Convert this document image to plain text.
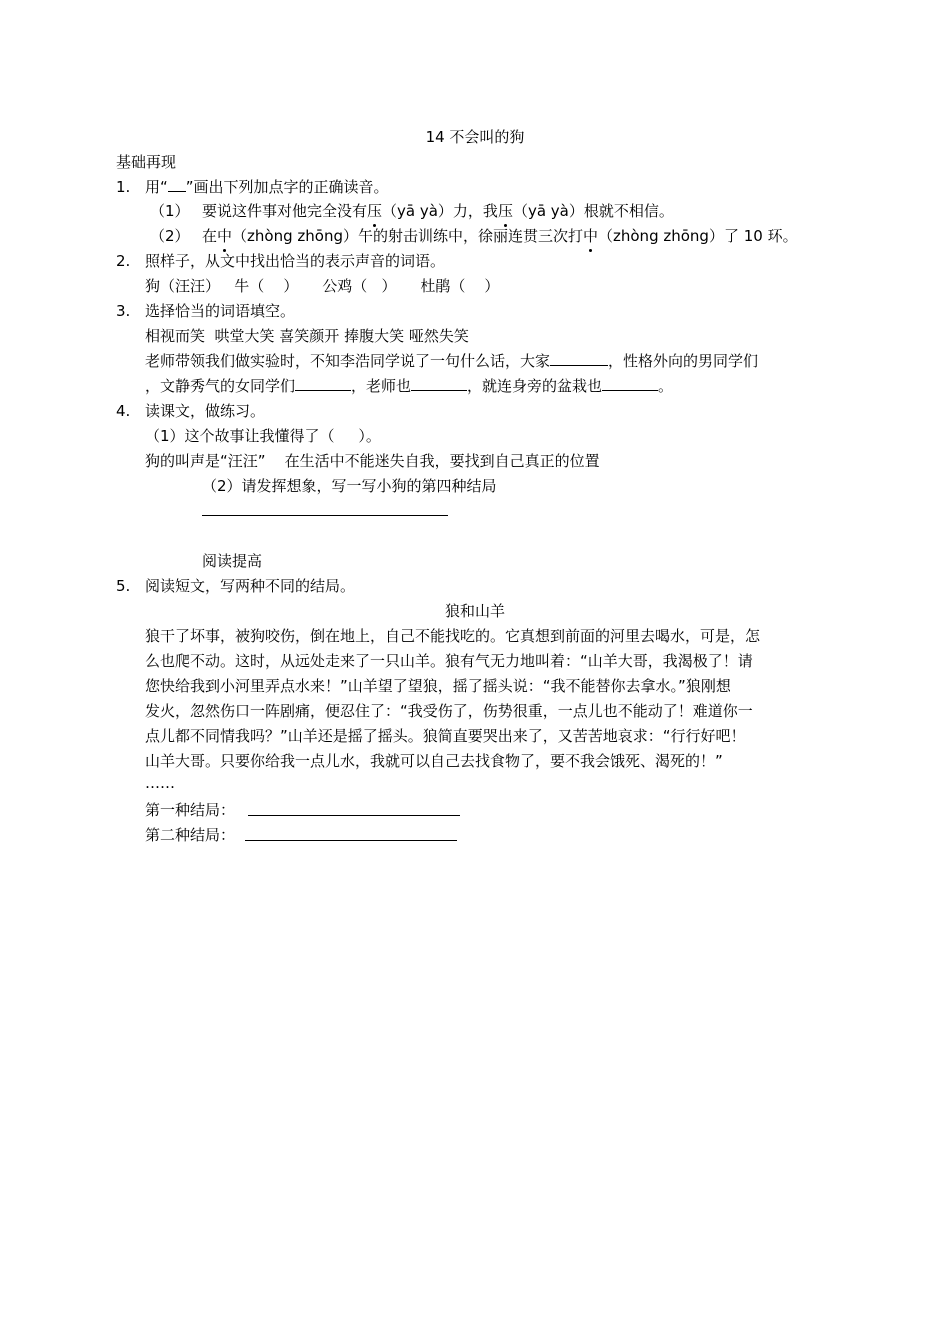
14 不会叫的狗
基础再现
1. 用“ ”画出下列加点字的正确读音。
（1） 要说这件事对他完全没有压（yā yà）力，我压（yā yà）根就不相信。
（2） 在中（zhòng zhōng）午的射击训练中，徐丽连贯三次打中（zhòng zhōng）了 10 环。
2. 照样子，从文中找出恰当的表示声音的词语。
狗（汪汪）   牛（    ）     公鸡（   ）     杜鹃（    ）
3. 选择恰当的词语填空。
相视而笑  哄堂大笑 喜笑颜开 捧腹大笑 哑然失笑
老师带领我们做实验时，不知李浩同学说了一句什么话，大家	，性格外向的男同学们
，文静秀气的女同学们	，老师也	，就连身旁的盆栽也	。
4. 读课文，做练习。
（1）这个故事让我懂得了（     ）。
狗的叫声是“汪汪”    在生活中不能迷失自我，要找到自己真正的位置
（2）请发挥想象，写一写小狗的第四种结局
阅读提高
5. 阅读短文，写两种不同的结局。
狼和山羊
狼干了坏事，被狗咬伤，倒在地上，自己不能找吃的。它真想到前面的河里去喝水，可是，怎
么也爬不动。这时，从远处走来了一只山羊。狼有气无力地叫着：“山羊大哥，我渴极了！请
您快给我到小河里弄点水来！”山羊望了望狼，摇了摇头说：“我不能替你去拿水。”狼刚想
发火，忽然伤口一阵剧痛，便忍住了：“我受伤了，伤势很重，一点儿也不能动了！难道你一
点儿都不同情我吗？”山羊还是摇了摇头。狼简直要哭出来了，又苦苦地哀求：“行行好吧！
山羊大哥。只要你给我一点儿水，我就可以自己去找食物了，要不我会饿死、渴死的！”
……
第一种结局：
第二种结局：
